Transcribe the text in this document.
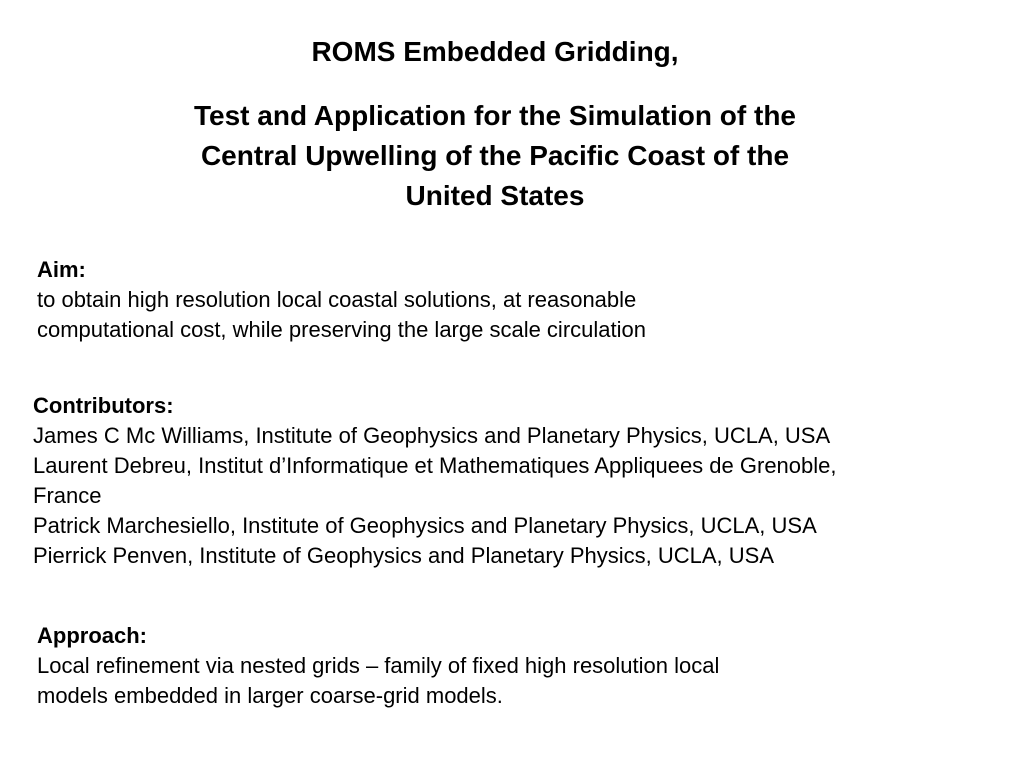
ROMS Embedded Gridding,
Test and Application for the Simulation of the
Central Upwelling of the Pacific Coast of the
United States
Aim:
to obtain high resolution local coastal solutions, at reasonable
computational cost, while preserving the large scale circulation
Contributors:
James C Mc Williams, Institute of Geophysics and Planetary Physics, UCLA, USA
Laurent Debreu, Institut d’Informatique et Mathematiques Appliquees de Grenoble,
France
Patrick Marchesiello, Institute of Geophysics and Planetary Physics, UCLA, USA
Pierrick Penven, Institute of Geophysics and Planetary Physics, UCLA, USA
Approach:
Local refinement via nested grids – family of fixed high resolution local
models embedded in larger coarse-grid models.
